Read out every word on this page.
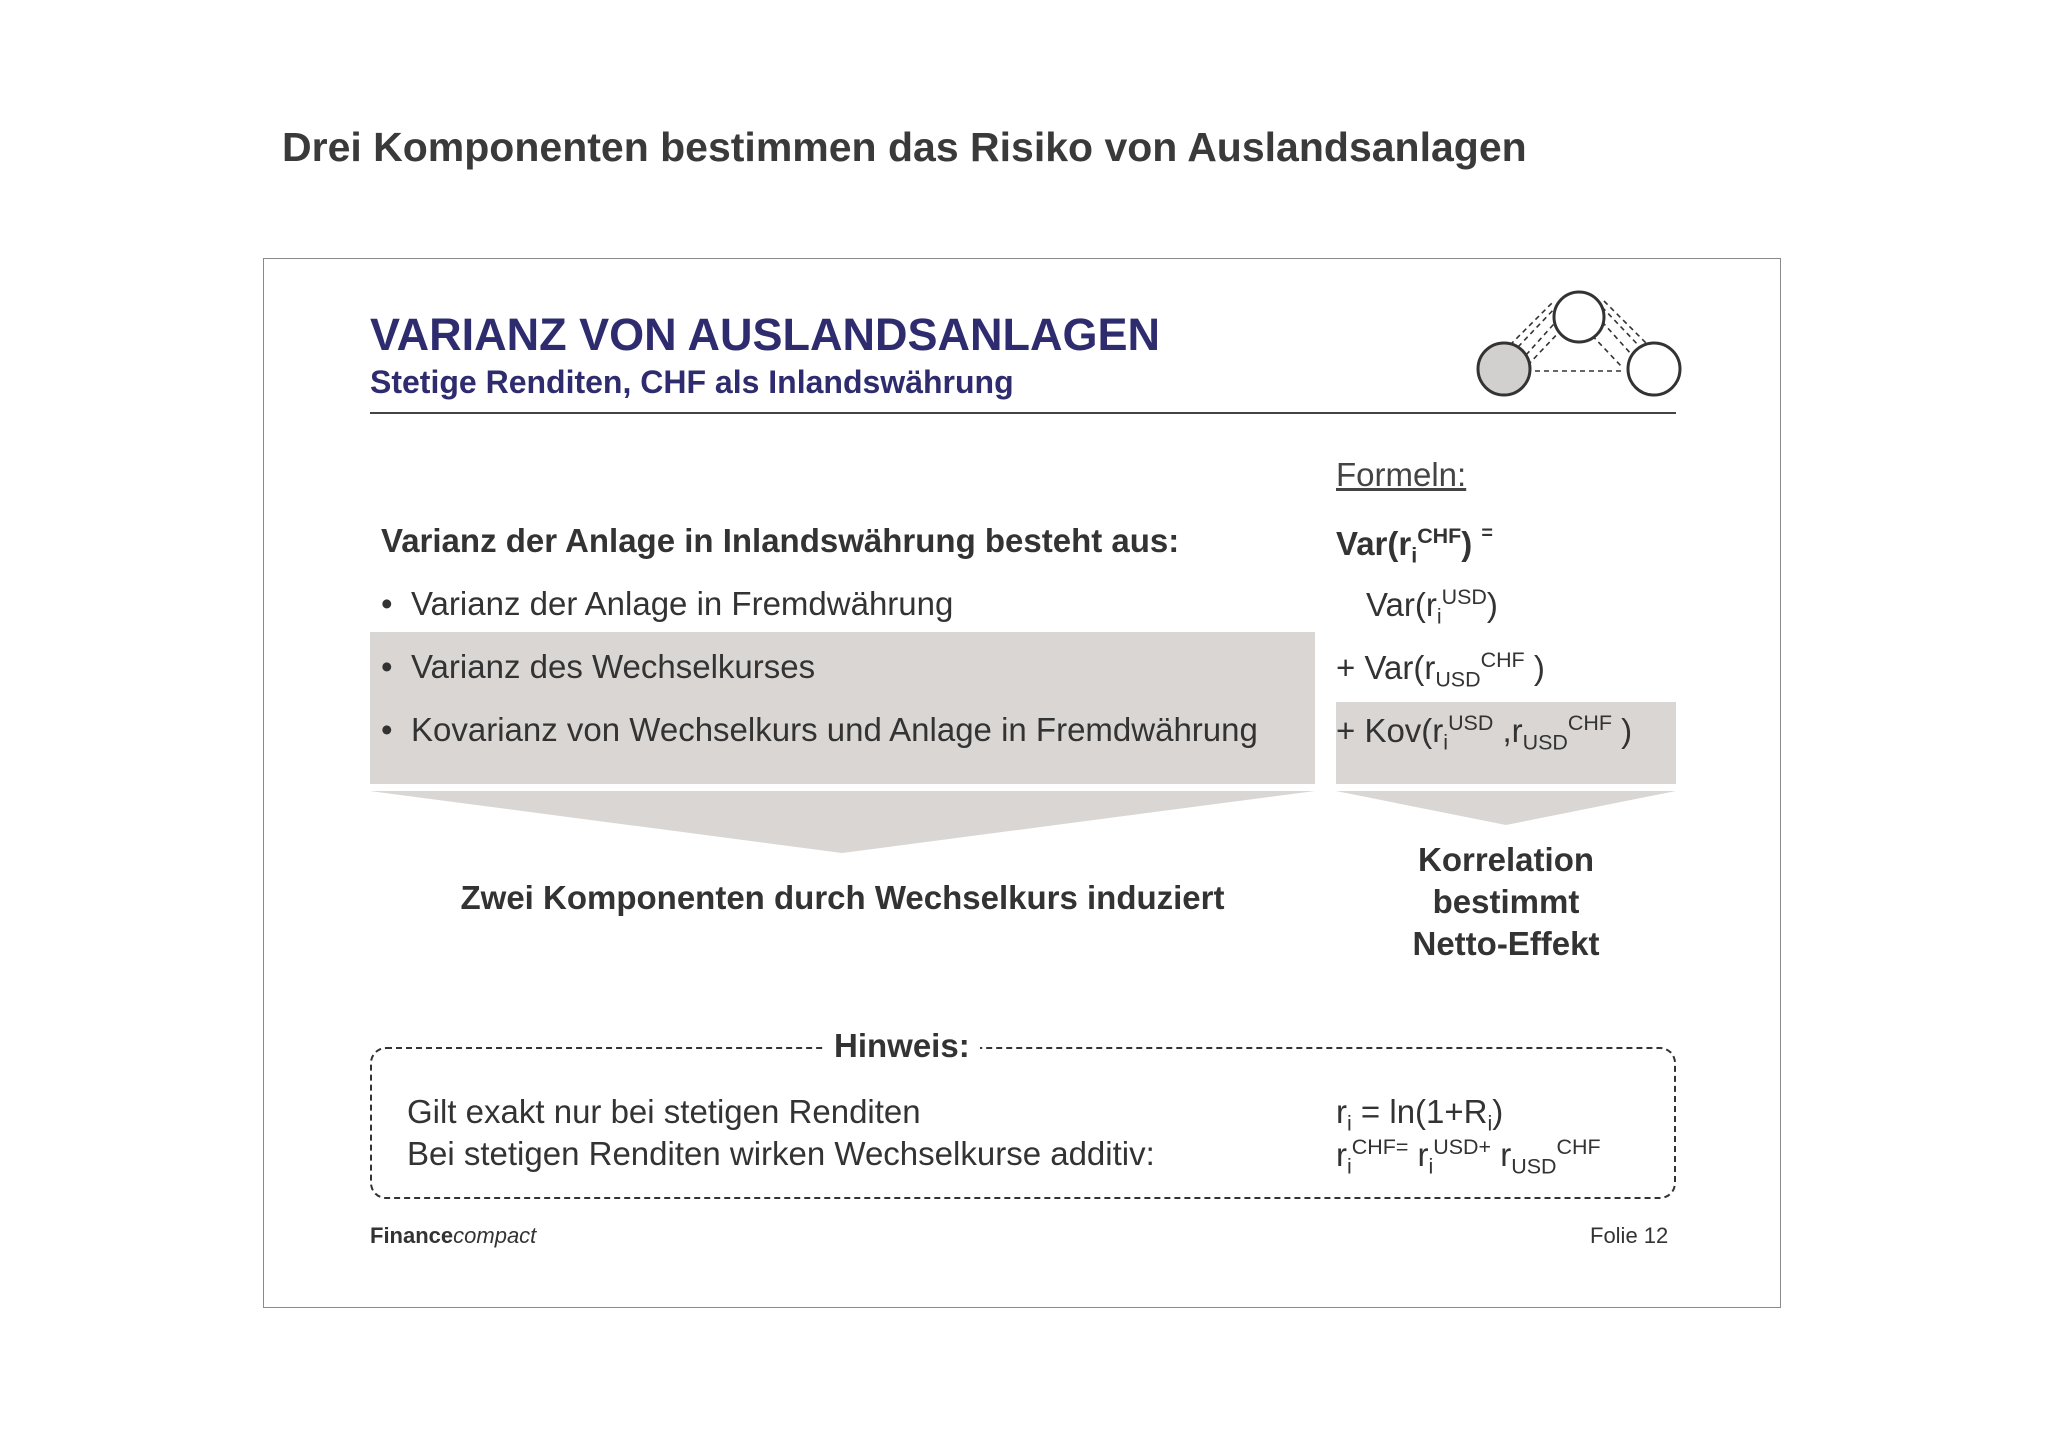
Drei Komponenten bestimmen das Risiko von Auslandsanlagen
VARIANZ VON AUSLANDSANLAGEN
Stetige Renditen, CHF als Inlandswährung
Formeln:
Varianz der Anlage in Inlandswährung besteht aus:	$Var(r_i^{CHF})$ =
• Varianz der Anlage in Fremdwährung	$Var(r_i^{USD})$
• Varianz des Wechselkurses	+ $Var(r_{USD}^{CHF}$ )
• Kovarianz von Wechselkurs und Anlage in Fremdwährung + $Kov(r_i^{USD}$ $,r_{USD}^{CHF}$ )
Zwei Komponenten durch Wechselkurs induziert
Korrelation
bestimmt
Netto-Effekt
Hinweis:
Gilt exakt nur bei stetigen Renditen	$r_i = \ln(1+R_i)$
Bei stetigen Renditen wirken Wechselkurse additiv:	$r_i^{CHF=}$ $r_i^{USD+}$ $r_{USD}^{CHF}$
Financecompact	Folie 12
